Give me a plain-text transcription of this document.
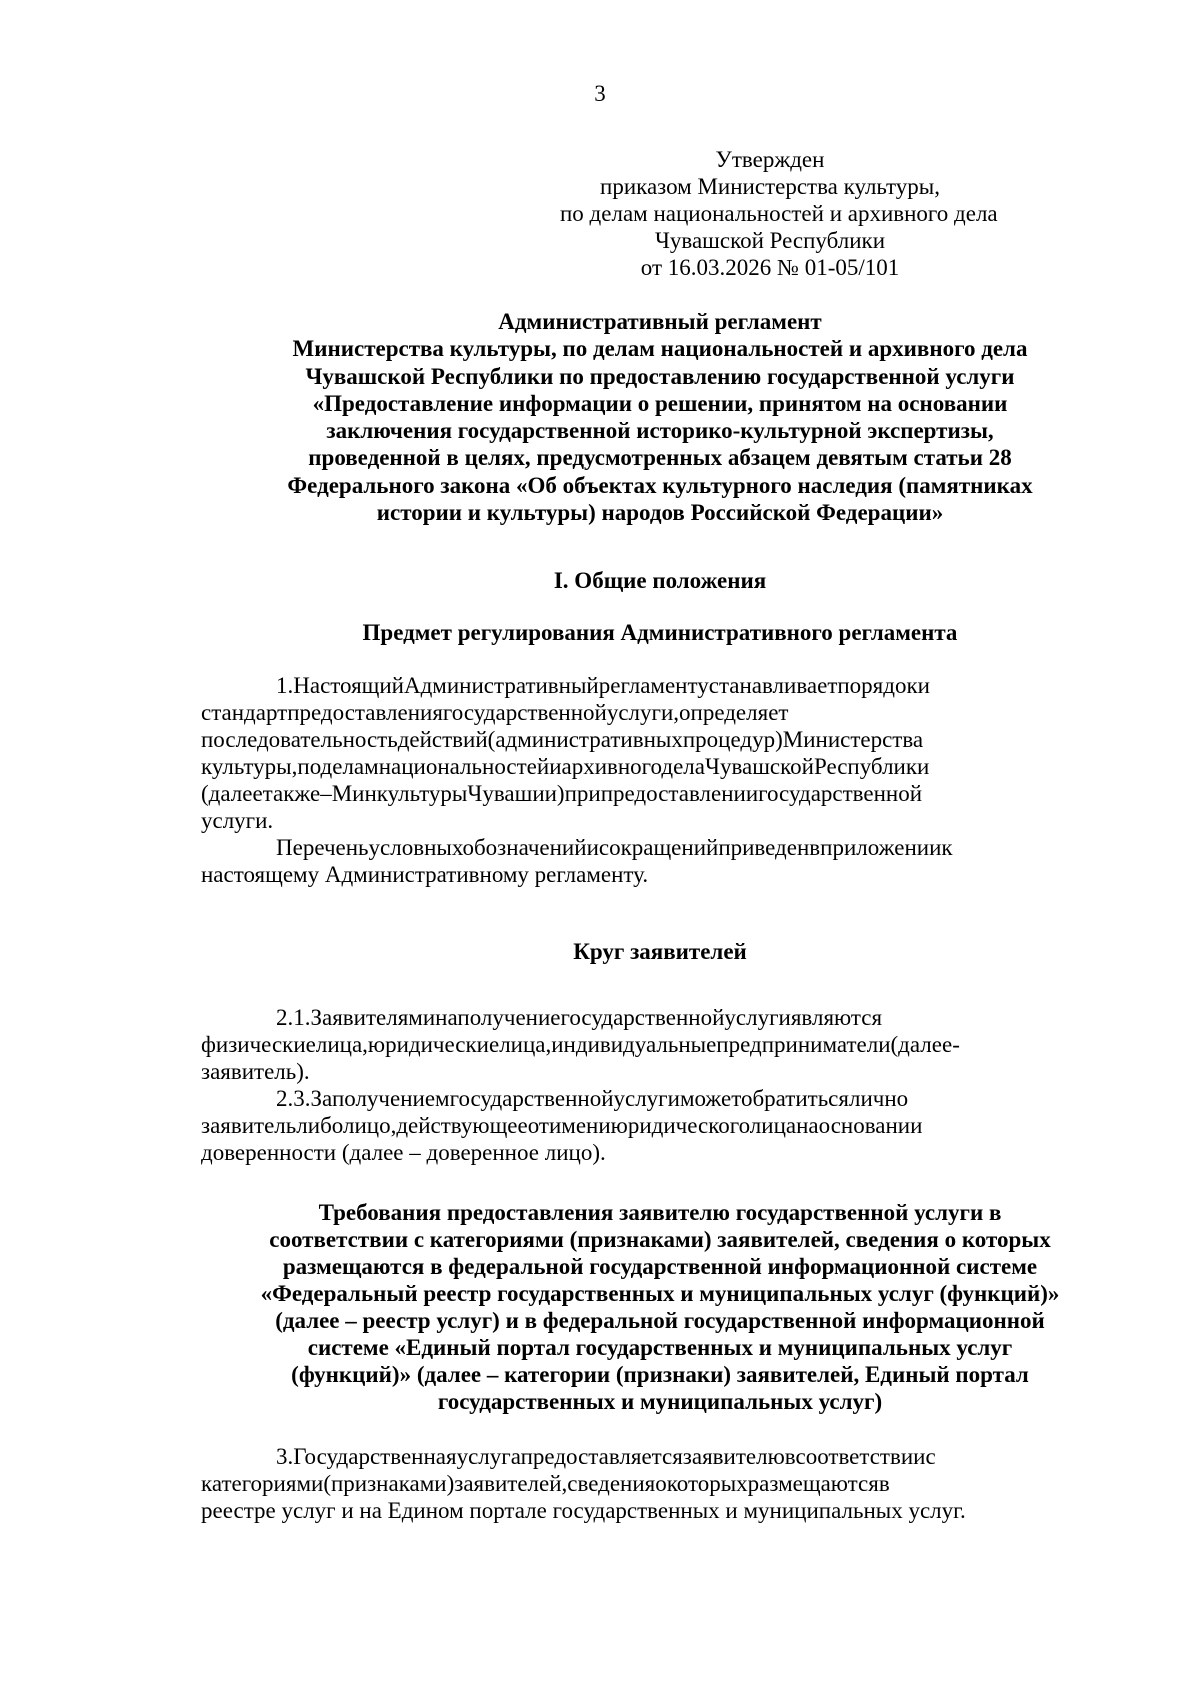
3
Утвержден
приказом Министерства культуры,
по делам национальностей и архивного дела
Чувашской Республики
от 16.03.2026 № 01-05/101
Административный регламент
Министерства культуры, по делам национальностей и архивного дела
Чувашской Республики по предоставлению государственной услуги
«Предоставление информации о решении, принятом на основании
заключения государственной историко-культурной экспертизы,
проведенной в целях, предусмотренных абзацем девятым статьи 28
Федерального закона «Об объектах культурного наследия (памятниках
истории и культуры) народов Российской Федерации»
I. Общие положения
Предмет регулирования Административного регламента
1.НастоящийАдминистративныйрегламентустанавливаетпорядоки
стандартпредоставлениягосударственнойуслуги,определяет
последовательностьдействий(административныхпроцедур)Министерства
культуры,поделамнациональностейиархивногоделаЧувашскойРеспублики
(далеетакже–МинкультурыЧувашии)припредоставлениигосударственной
услуги.
Переченьусловныхобозначенийисокращенийприведенвприложениик
настоящему Административному регламенту.
Круг заявителей
2.1.Заявителяминаполучениегосударственнойуслугиявляются
физическиелица,юридическиелица,индивидуальныепредприниматели(далее-
заявитель).
2.3.Заполучениемгосударственнойуслугиможетобратитьсялично
заявительлиболицо,действующееотимениюридическоголицанаосновании
доверенности (далее – доверенное лицо).
Требования предоставления заявителю государственной услуги в
соответствии с категориями (признаками) заявителей, сведения о которых
размещаются в федеральной государственной информационной системе
«Федеральный реестр государственных и муниципальных услуг (функций)»
(далее – реестр услуг) и в федеральной государственной информационной
системе «Единый портал государственных и муниципальных услуг
(функций)» (далее – категории (признаки) заявителей, Единый портал
государственных и муниципальных услуг)
3.Государственнаяуслугапредоставляетсязаявителювсоответствиис
категориями(признаками)заявителей,сведенияокоторыхразмещаютсяв
реестре услуг и на Едином портале государственных и муниципальных услуг.
